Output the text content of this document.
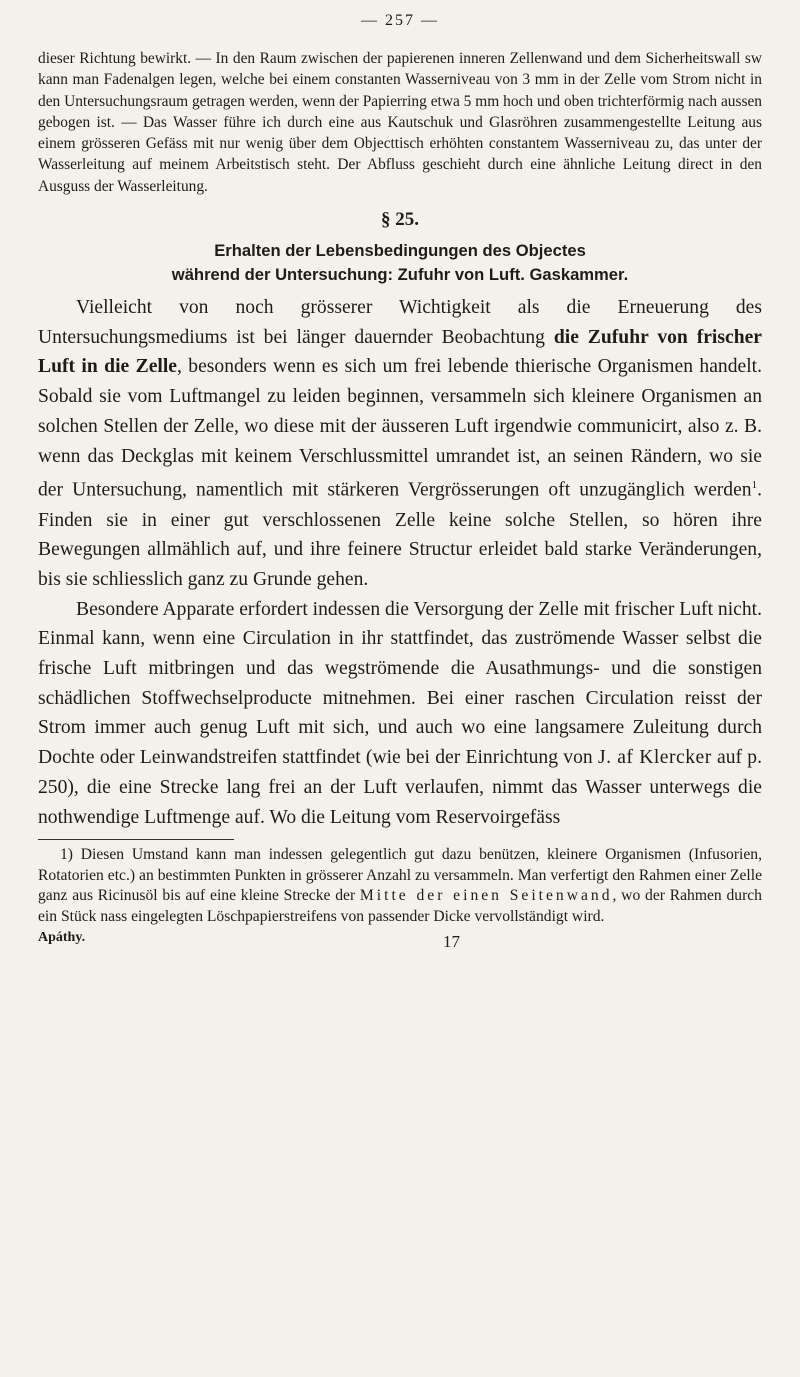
— 257 —

dieser Richtung bewirkt. — In den Raum zwischen der papierenen inneren Zellenwand und dem Sicherheitswall sw kann man Fadenalgen legen, welche bei einem constanten Wasserniveau von 3 mm in der Zelle vom Strom nicht in den Untersuchungsraum getragen werden, wenn der Papierring etwa 5 mm hoch und oben trichterförmig nach aussen gebogen ist. — Das Wasser führe ich durch eine aus Kautschuk und Glasröhren zusammengestellte Leitung aus einem grösseren Gefäss mit nur wenig über dem Objecttisch erhöhten constantem Wasserniveau zu, das unter der Wasserleitung auf meinem Arbeitstisch steht. Der Abfluss geschieht durch eine ähnliche Leitung direct in den Ausguss der Wasserleitung.

§ 25.
Erhalten der Lebensbedingungen des Objectes
während der Untersuchung: Zufuhr von Luft. Gaskammer.

Vielleicht von noch grösserer Wichtigkeit als die Erneuerung des Untersuchungsmediums ist bei länger dauernder Beobachtung die Zufuhr von frischer Luft in die Zelle, besonders wenn es sich um frei lebende thierische Organismen handelt. Sobald sie vom Luftmangel zu leiden beginnen, versammeln sich kleinere Organismen an solchen Stellen der Zelle, wo diese mit der äusseren Luft irgendwie communicirt, also z. B. wenn das Deckglas mit keinem Verschlussmittel umrandet ist, an seinen Rändern, wo sie der Untersuchung, namentlich mit stärkeren Vergrösserungen oft unzugänglich werden$^1$. Finden sie in einer gut verschlossenen Zelle keine solche Stellen, so hören ihre Bewegungen allmählich auf, und ihre feinere Structur erleidet bald starke Veränderungen, bis sie schliesslich ganz zu Grunde gehen.

Besondere Apparate erfordert indessen die Versorgung der Zelle mit frischer Luft nicht. Einmal kann, wenn eine Circulation in ihr stattfindet, das zuströmende Wasser selbst die frische Luft mitbringen und das wegströmende die Ausathmungs- und die sonstigen schädlichen Stoffwechselproducte mitnehmen. Bei einer raschen Circulation reisst der Strom immer auch genug Luft mit sich, und auch wo eine langsamere Zuleitung durch Dochte oder Leinwandstreifen stattfindet (wie bei der Einrichtung von J. af Klercker auf p. 250), die eine Strecke lang frei an der Luft verlaufen, nimmt das Wasser unterwegs die nothwendige Luftmenge auf. Wo die Leitung vom Reservoirgefäss

1) Diesen Umstand kann man indessen gelegentlich gut dazu benützen, kleinere Organismen (Infusorien, Rotatorien etc.) an bestimmten Punkten in grösserer Anzahl zu versammeln. Man verfertigt den Rahmen einer Zelle ganz aus Ricinusöl bis auf eine kleine Strecke der Mitte der einen Seitenwand, wo der Rahmen durch ein Stück nass eingelegten Löschpapierstreifens von passender Dicke vervollständigt wird.

Apáthy.	17
